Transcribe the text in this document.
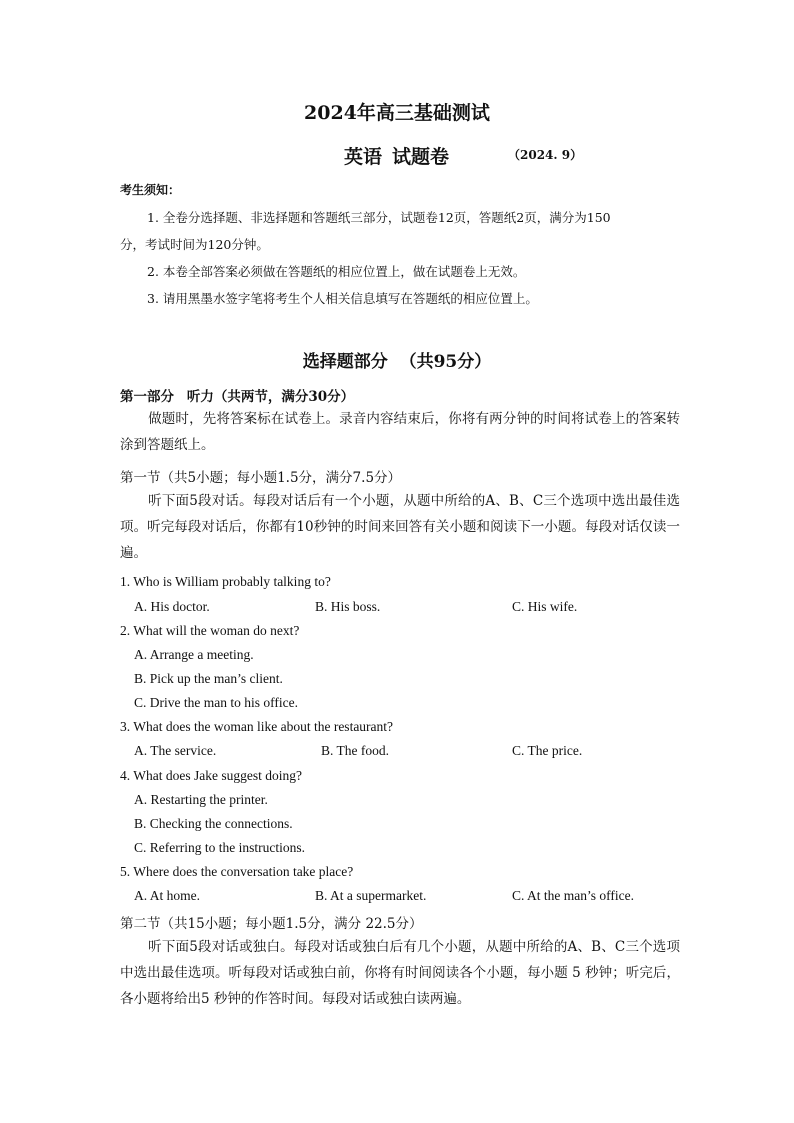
2024年高三基础测试
英语 试题卷	（2024. 9）
考生须知：
1. 全卷分选择题、非选择题和答题纸三部分，试题卷12页，答题纸2页，满分为150
分，考试时间为120分钟。
2. 本卷全部答案必须做在答题纸的相应位置上，做在试题卷上无效。
3. 请用黑墨水签字笔将考生个人相关信息填写在答题纸的相应位置上。
选择题部分 （共95分）
第一部分 听力（共两节，满分30分）
做题时，先将答案标在试卷上。录音内容结束后，你将有两分钟的时间将试卷上的答案转涂到答题纸上。
第一节（共5小题；每小题1.5分，满分7.5分）
听下面5段对话。每段对话后有一个小题，从题中所给的A、B、C三个选项中选出最佳选项。听完每段对话后，你都有10秒钟的时间来回答有关小题和阅读下一小题。每段对话仅读一遍。
1. Who is William probably talking to?
A. His doctor.	B. His boss.	C. His wife.
2. What will the woman do next?
A. Arrange a meeting.
B. Pick up the man’s client.
C. Drive the man to his office.
3. What does the woman like about the restaurant?
A. The service.	B. The food.	C. The price.
4. What does Jake suggest doing?
A. Restarting the printer.
B. Checking the connections.
C. Referring to the instructions.
5. Where does the conversation take place?
A. At home.	B. At a supermarket.	C. At the man’s office.
第二节（共15小题；每小题1.5分，满分 22.5分）
听下面5段对话或独白。每段对话或独白后有几个小题，从题中所给的A、B、C三个选项中选出最佳选项。听每段对话或独白前，你将有时间阅读各个小题，每小题 5 秒钟；听完后，各小题将给出5 秒钟的作答时间。每段对话或独白读两遍。
